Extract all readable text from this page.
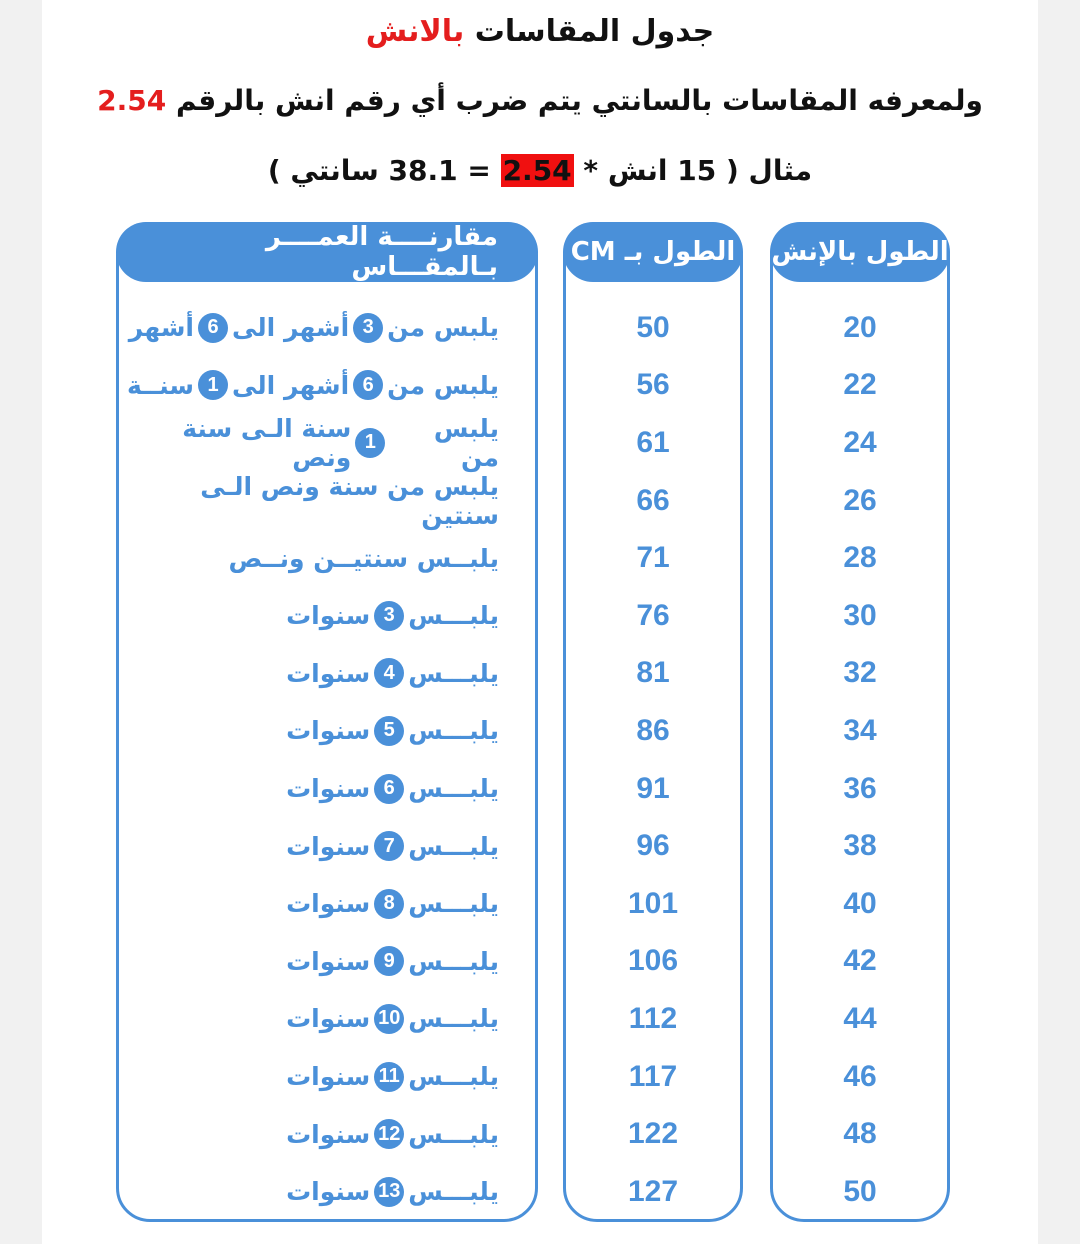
جدول المقاسات بالانش
ولمعرفه المقاسات بالسانتي يتم ضرب أي رقم انش بالرقم 2.54
مثال ( 15 انش * 2.54 = 38.1 سانتي )
الطول بالإنش
20
22
24
26
28
30
32
34
36
38
40
42
44
46
48
50
الطول بـ CM
50
56
61
66
71
76
81
86
91
96
101
106
112
117
122
127
مقارنــــة العمــــر بـالمقـــاس
يلبس من
3
أشهر الى
6
أشهر
يلبس من
6
أشهر الى
1
سنــة
يلبس من
1
سنة الـى سنة ونص
يلبس من سنة ونص الـى سنتين
يلبــس سنتيــن ونــص
يلبـــس
3
سنوات
يلبـــس
4
سنوات
يلبـــس
5
سنوات
يلبـــس
6
سنوات
يلبـــس
7
سنوات
يلبـــس
8
سنوات
يلبـــس
9
سنوات
يلبـــس
10
سنوات
يلبـــس
11
سنوات
يلبـــس
12
سنوات
يلبـــس
13
سنوات
